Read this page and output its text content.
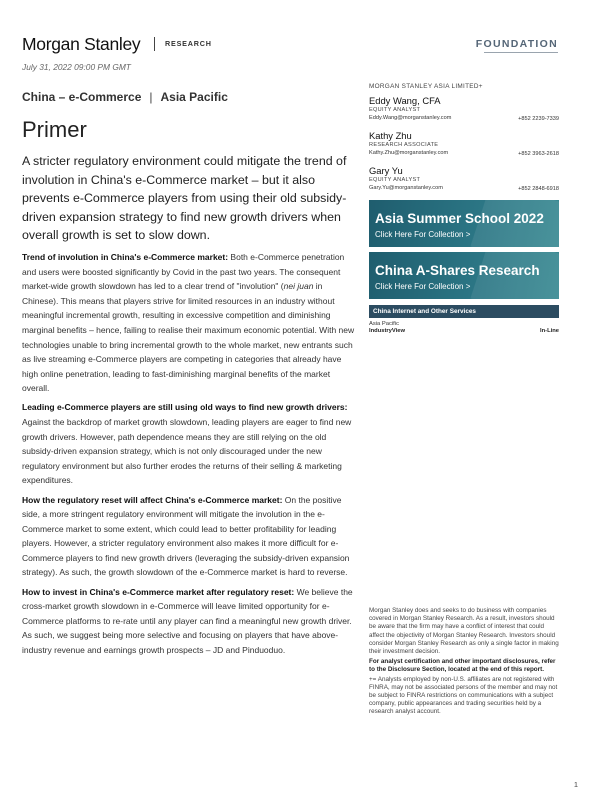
Morgan Stanley	RESEARCH	FOUNDATION
July 31, 2022 09:00 PM GMT
China – e-Commerce | Asia Pacific
Primer
A stricter regulatory environment could mitigate the trend of involution in China's e-Commerce market – but it also prevents e-Commerce players from using their old subsidy-driven expansion strategy to find new growth drivers when overall growth is set to slow down.

Trend of involution in China's e-Commerce market: Both e-Commerce penetration and users were boosted significantly by Covid in the past two years. The consequent market-wide growth slowdown has led to a clear trend of "involution" (nei juan in Chinese). This means that players strive for limited resources in an industry without meaningful incremental growth, resulting in excessive competition and diminishing marginal benefits – hence, failing to realise their maximum economic potential. With new technologies unable to bring incremental growth to the whole market, new entrants such as live streaming e-Commerce players are competing in categories that already have high online penetration, leading to fast-diminishing marginal benefits of the market overall.

Leading e-Commerce players are still using old ways to find new growth drivers: Against the backdrop of market growth slowdown, leading players are eager to find new growth drivers. However, path dependence means they are still relying on the old subsidy-driven expansion strategy, which is not only discouraged under the new regulatory environment but also further erodes the returns of their selling & marketing expenditures.

How the regulatory reset will affect China's e-Commerce market: On the positive side, a more stringent regulatory environment will mitigate the involution in the e-Commerce market to some extent, which could lead to better profitability for leading players. However, a stricter regulatory environment also makes it more difficult for e-Commerce players to find new growth drivers (leveraging the subsidy-driven expansion strategy). As such, the growth slowdown of the e-Commerce market is hard to reverse.

How to invest in China's e-Commerce market after regulatory reset: We believe the cross-market growth slowdown in e-Commerce will leave limited opportunity for e-Commerce platforms to re-rate until any player can find a meaningful new growth driver. As such, we suggest being more selective and focusing on players that have above-industry revenue and earnings growth prospects – JD and Pinduoduo.

MORGAN STANLEY ASIA LIMITED+
Eddy Wang, CFA
EQUITY ANALYST
Eddy.Wang@morganstanley.com	+852 2239-7339
Kathy Zhu
RESEARCH ASSOCIATE
Kathy.Zhu@morganstanley.com	+852 3963-2618
Gary Yu
EQUITY ANALYST
Gary.Yu@morganstanley.com	+852 2848-6918
Asia Summer School 2022
Click Here For Collection >
China A-Shares Research
Click Here For Collection >
China Internet and Other Services
Asia Pacific
IndustryView	In-Line

Morgan Stanley does and seeks to do business with companies covered in Morgan Stanley Research. As a result, investors should be aware that the firm may have a conflict of interest that could affect the objectivity of Morgan Stanley Research. Investors should consider Morgan Stanley Research as only a single factor in making their investment decision.

For analyst certification and other important disclosures, refer to the Disclosure Section, located at the end of this report.

+= Analysts employed by non-U.S. affiliates are not registered with FINRA, may not be associated persons of the member and may not be subject to FINRA restrictions on communications with a subject company, public appearances and trading securities held by a research analyst account.

1
